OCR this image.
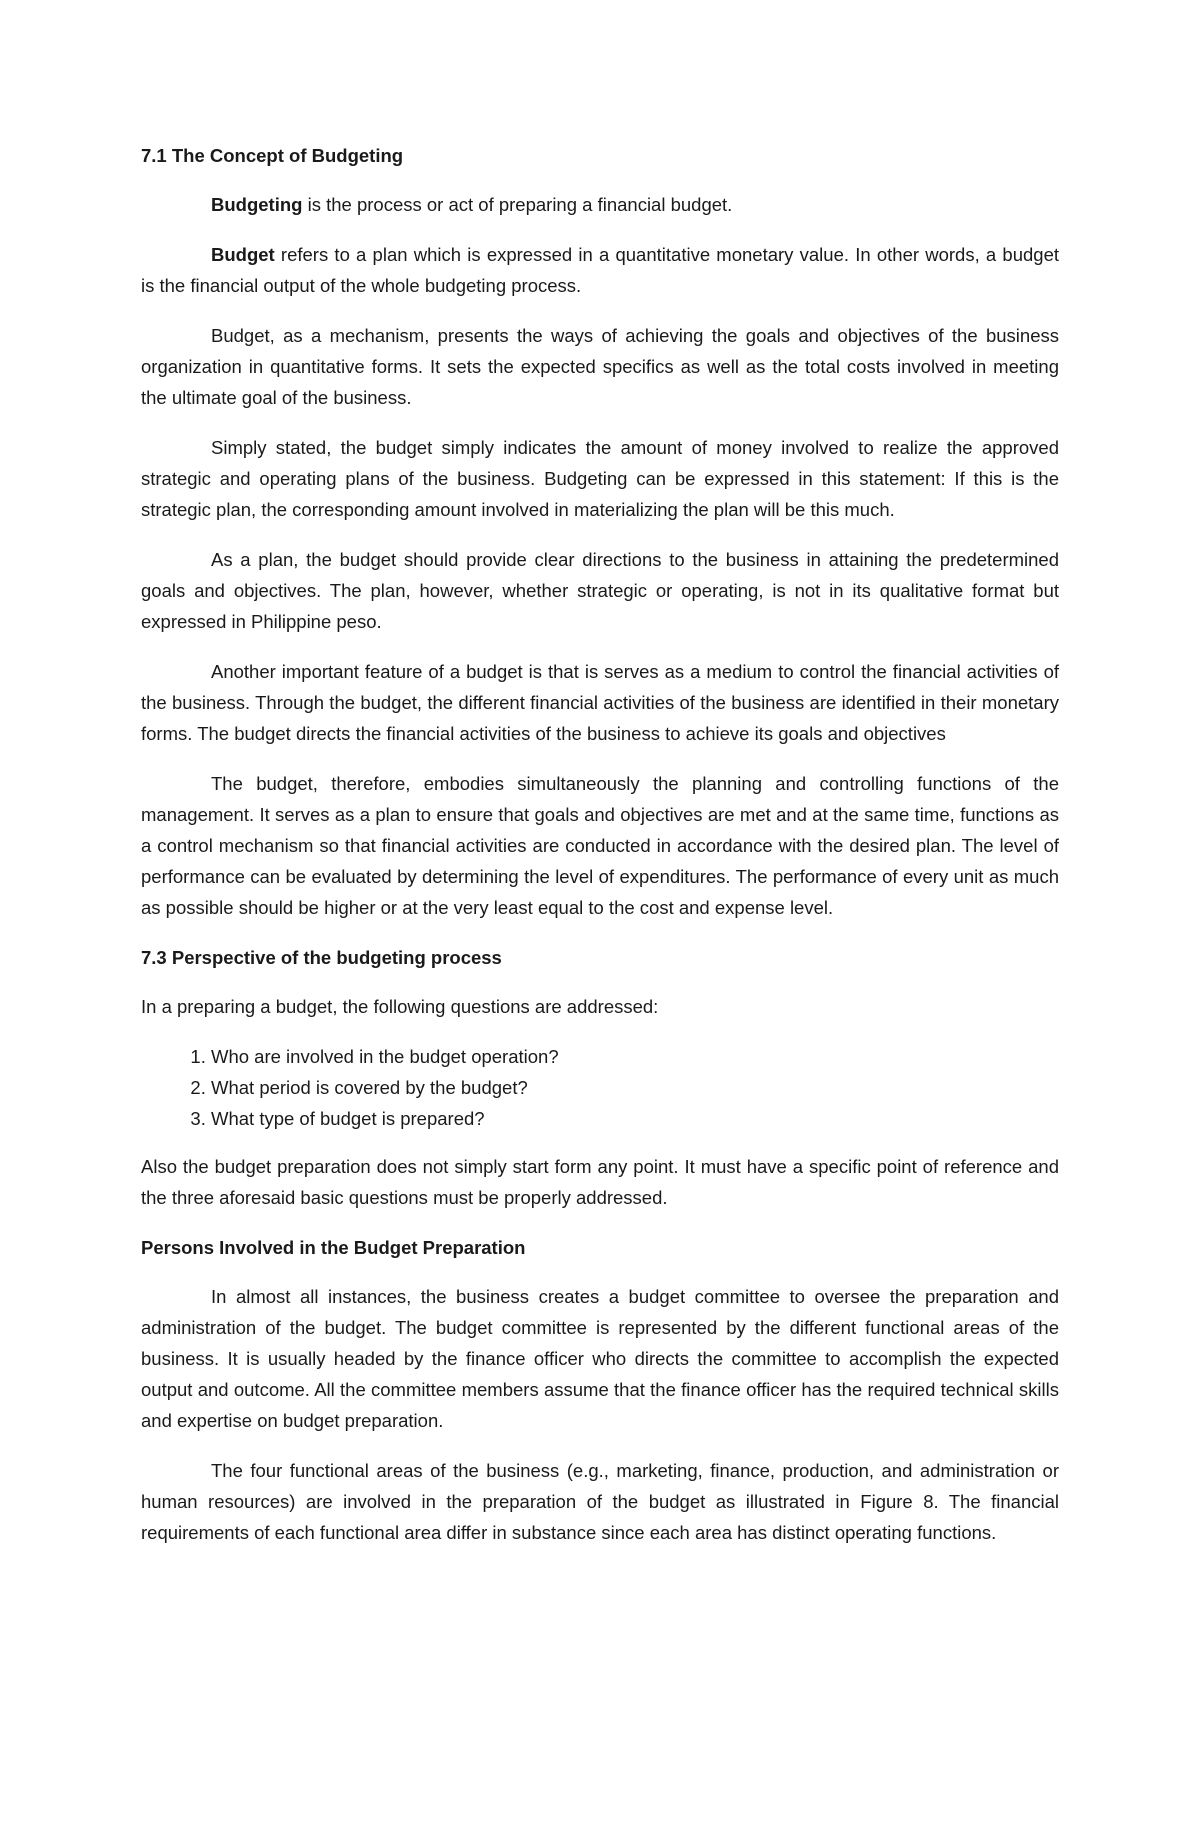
7.1 The Concept of Budgeting

Budgeting is the process or act of preparing a financial budget.

Budget refers to a plan which is expressed in a quantitative monetary value. In other words, a budget is the financial output of the whole budgeting process.

Budget, as a mechanism, presents the ways of achieving the goals and objectives of the business organization in quantitative forms. It sets the expected specifics as well as the total costs involved in meeting the ultimate goal of the business.

Simply stated, the budget simply indicates the amount of money involved to realize the approved strategic and operating plans of the business. Budgeting can be expressed in this statement: If this is the strategic plan, the corresponding amount involved in materializing the plan will be this much.

As a plan, the budget should provide clear directions to the business in attaining the predetermined goals and objectives. The plan, however, whether strategic or operating, is not in its qualitative format but expressed in Philippine peso.

Another important feature of a budget is that is serves as a medium to control the financial activities of the business. Through the budget, the different financial activities of the business are identified in their monetary forms. The budget directs the financial activities of the business to achieve its goals and objectives

The budget, therefore, embodies simultaneously the planning and controlling functions of the management. It serves as a plan to ensure that goals and objectives are met and at the same time, functions as a control mechanism so that financial activities are conducted in accordance with the desired plan. The level of performance can be evaluated by determining the level of expenditures. The performance of every unit as much as possible should be higher or at the very least equal to the cost and expense level.

7.3 Perspective of the budgeting process

In a preparing a budget, the following questions are addressed:

1. Who are involved in the budget operation?
2. What period is covered by the budget?
3. What type of budget is prepared?

Also the budget preparation does not simply start form any point. It must have a specific point of reference and the three aforesaid basic questions must be properly addressed.

Persons Involved in the Budget Preparation

In almost all instances, the business creates a budget committee to oversee the preparation and administration of the budget. The budget committee is represented by the different functional areas of the business. It is usually headed by the finance officer who directs the committee to accomplish the expected output and outcome. All the committee members assume that the finance officer has the required technical skills and expertise on budget preparation.

The four functional areas of the business (e.g., marketing, finance, production, and administration or human resources) are involved in the preparation of the budget as illustrated in Figure 8. The financial requirements of each functional area differ in substance since each area has distinct operating functions.
